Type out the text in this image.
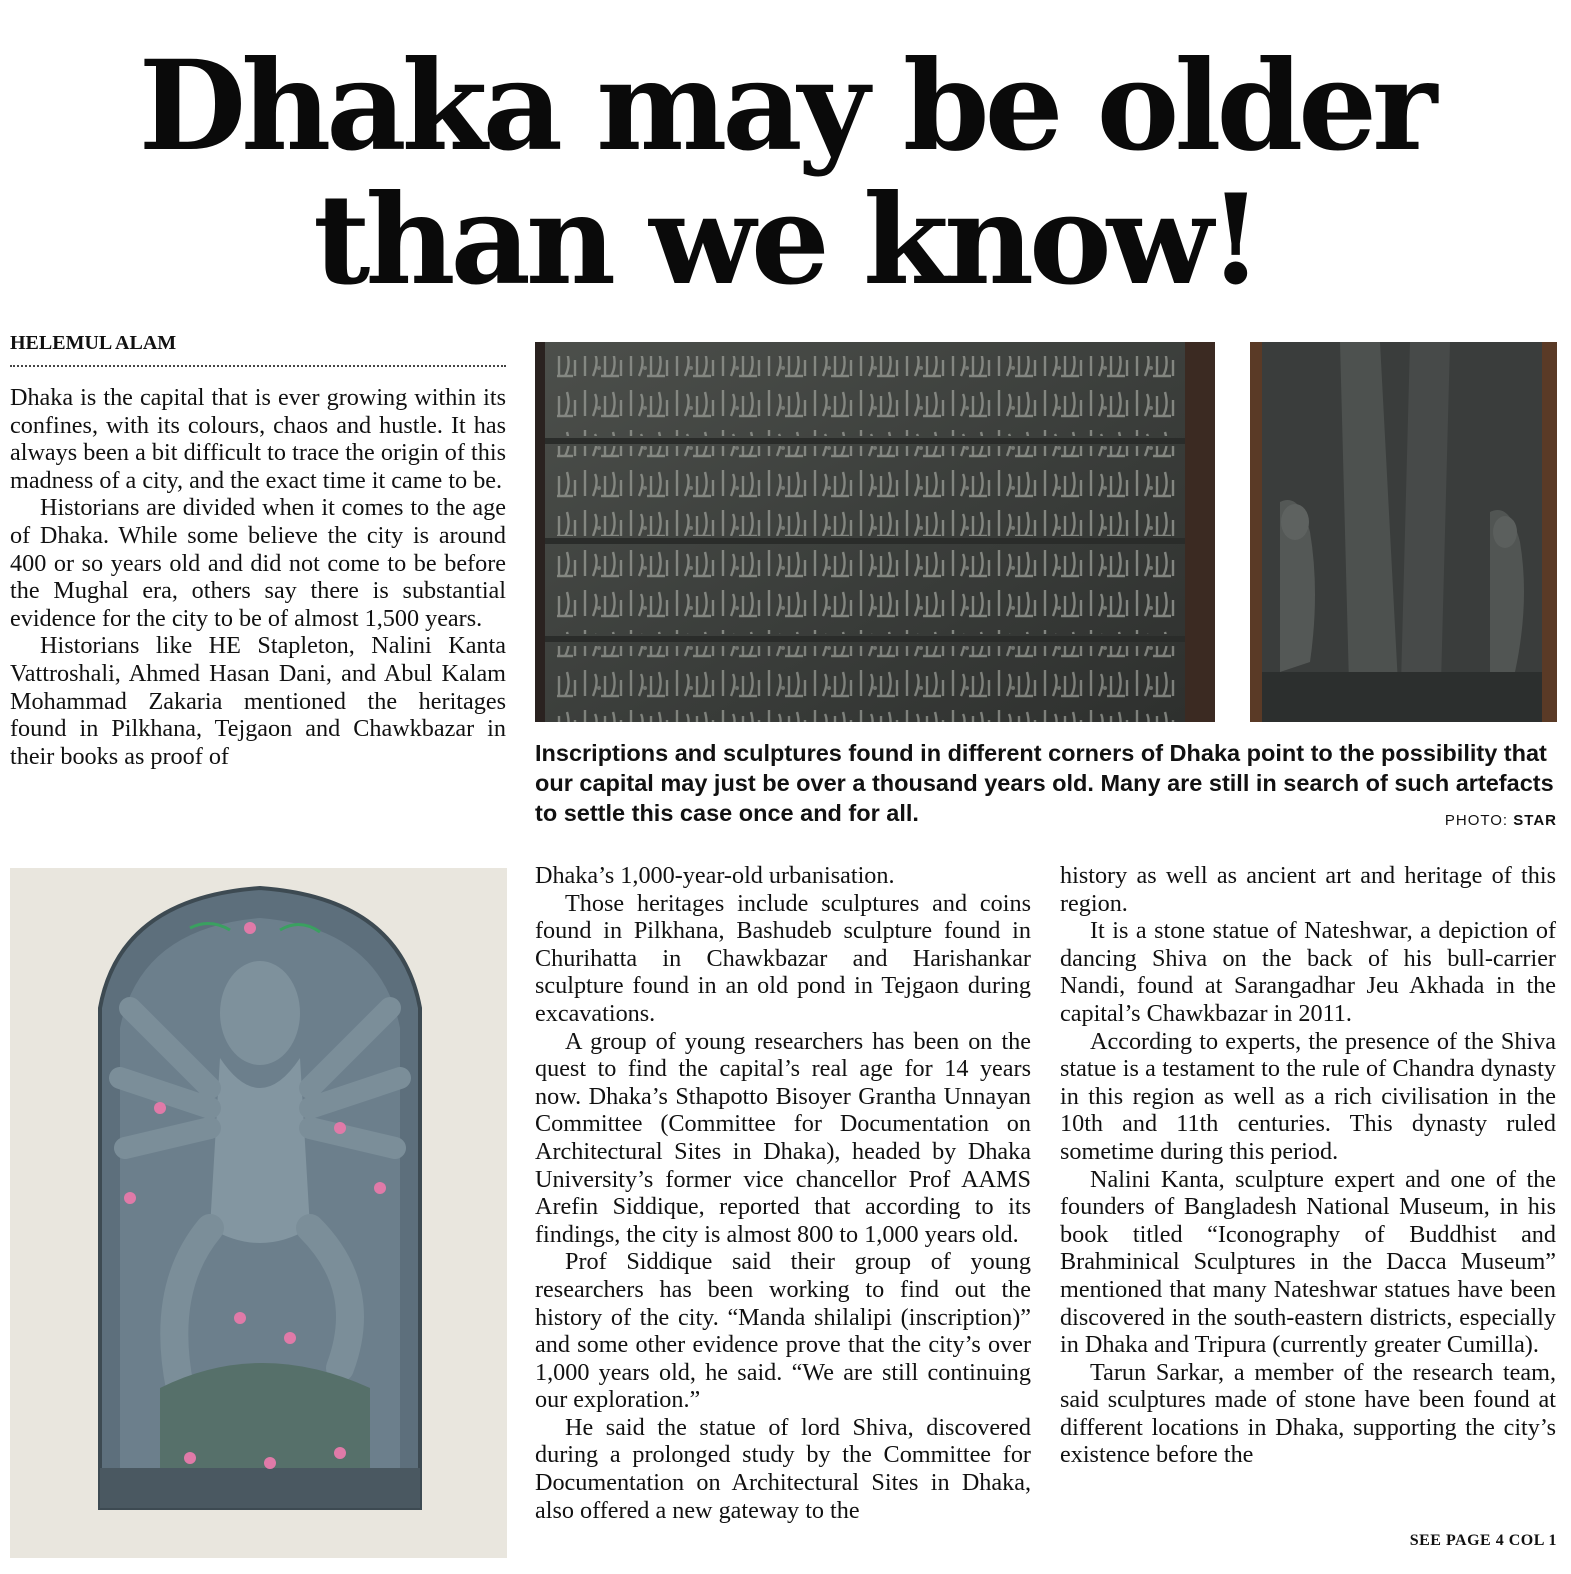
Dhaka may be older
than we know!
HELEMUL ALAM

Dhaka is the capital that is ever growing within its confines, with its colours, chaos and hustle. It has always been a bit difficult to trace the origin of this madness of a city, and the exact time it came to be.

Historians are divided when it comes to the age of Dhaka. While some believe the city is around 400 or so years old and did not come to be before the Mughal era, others say there is substantial evidence for the city to be of almost 1,500 years.

Historians like HE Stapleton, Nalini Kanta Vattroshali, Ahmed Hasan Dani, and Abul Kalam Mohammad Zakaria mentioned the heritages found in Pilkhana, Tejgaon and Chawkbazar in their books as proof of	Inscriptions and sculptures found in different corners of Dhaka point to the possibility that our capital may just be over a thousand years old. Many are still in search of such artefacts to settle this case once and for all.	PHOTO: STAR

Dhaka’s 1,000-year-old urbanisation.

Those heritages include sculptures and coins found in Pilkhana, Bashudeb sculpture found in Churihatta in Chawkbazar and Harishankar sculpture found in an old pond in Tejgaon during excavations.

A group of young researchers has been on the quest to find the capital’s real age for 14 years now. Dhaka’s Sthapotto Bisoyer Grantha Unnayan Committee (Committee for Documentation on Architectural Sites in Dhaka), headed by Dhaka University’s former vice chancellor Prof AAMS Arefin Siddique, reported that according to its findings, the city is almost 800 to 1,000 years old.

Prof Siddique said their group of young researchers has been working to find out the history of the city. “Manda shilalipi (inscription)” and some other evidence prove that the city’s over 1,000 years old, he said. “We are still continuing our exploration.”

He said the statue of lord Shiva, discovered during a prolonged study by the Committee for Documentation on Architectural Sites in Dhaka, also offered a new gateway to the

history as well as ancient art and heritage of this region.

It is a stone statue of Nateshwar, a depiction of dancing Shiva on the back of his bull-carrier Nandi, found at Sarangadhar Jeu Akhada in the capital’s Chawkbazar in 2011.

According to experts, the presence of the Shiva statue is a testament to the rule of Chandra dynasty in this region as well as a rich civilisation in the 10th and 11th centuries. This dynasty ruled sometime during this period.

Nalini Kanta, sculpture expert and one of the founders of Bangladesh National Museum, in his book titled “Iconography of Buddhist and Brahminical Sculptures in the Dacca Museum” mentioned that many Nateshwar statues have been discovered in the south-eastern districts, especially in Dhaka and Tripura (currently greater Cumilla).

Tarun Sarkar, a member of the research team, said sculptures made of stone have been found at different locations in Dhaka, supporting the city’s existence before the

SEE PAGE 4 COL 1
